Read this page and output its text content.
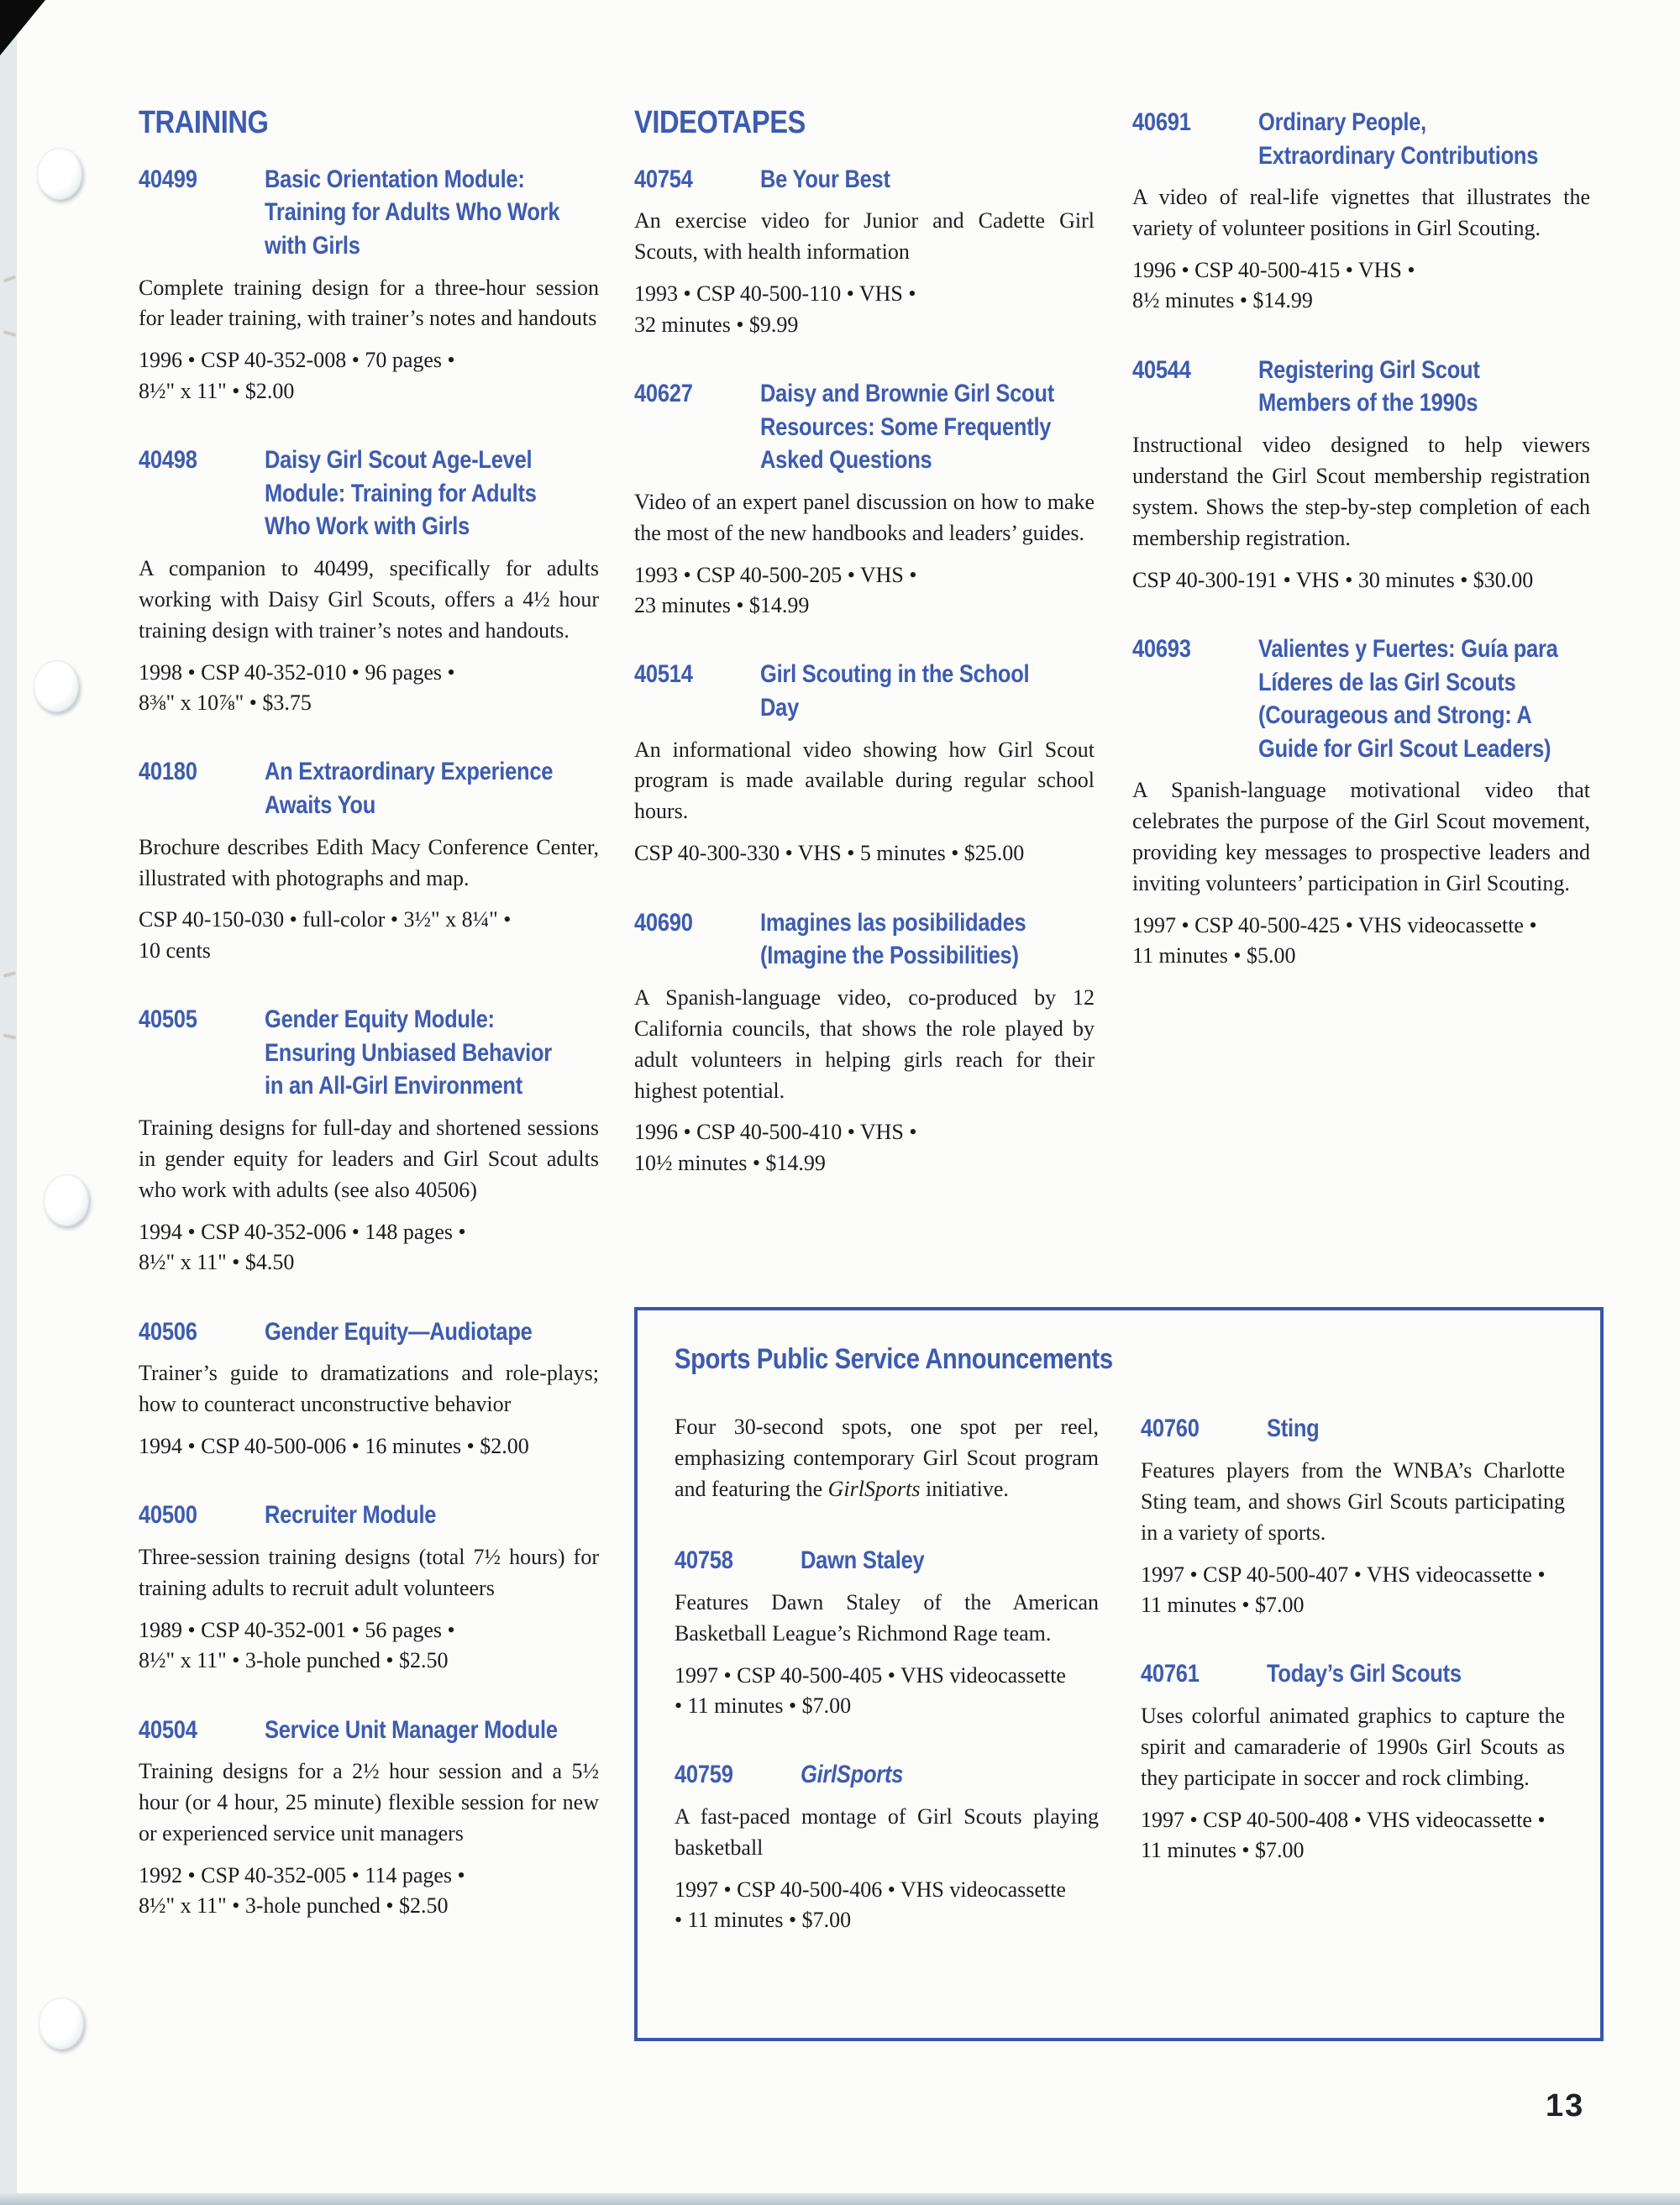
TRAINING
40499	Basic Orientation Module:
Training for Adults Who Work
with Girls

Complete training design for a three-hour session for leader training, with trainer’s notes and handouts

1996 • CSP 40-352-008 • 70 pages •
8½" x 11" • $2.00

40498	Daisy Girl Scout Age-Level
Module: Training for Adults
Who Work with Girls

A companion to 40499, specifically for adults working with Daisy Girl Scouts, offers a 4½ hour training design with trainer’s notes and handouts.

1998 • CSP 40-352-010 • 96 pages •
8⅜" x 10⅞" • $3.75

40180	An Extraordinary Experience
Awaits You

Brochure describes Edith Macy Conference Center, illustrated with photographs and map.

CSP 40-150-030 • full-color • 3½" x 8¼" •
10 cents

40505	Gender Equity Module:
Ensuring Unbiased Behavior
in an All-Girl Environment

Training designs for full-day and shortened sessions in gender equity for leaders and Girl Scout adults who work with adults (see also 40506)

1994 • CSP 40-352-006 • 148 pages •
8½" x 11" • $4.50

40506	Gender Equity—Audiotape

Trainer’s guide to dramatizations and role-plays; how to counteract unconstructive behavior

1994 • CSP 40-500-006 • 16 minutes • $2.00

40500	Recruiter Module

Three-session training designs (total 7½ hours) for training adults to recruit adult volunteers

1989 • CSP 40-352-001 • 56 pages •
8½" x 11" • 3-hole punched • $2.50

40504	Service Unit Manager Module

Training designs for a 2½ hour session and a 5½ hour (or 4 hour, 25 minute) flexible session for new or experienced service unit managers

1992 • CSP 40-352-005 • 114 pages •
8½" x 11" • 3-hole punched • $2.50

VIDEOTAPES
40754	Be Your Best

An exercise video for Junior and Cadette Girl Scouts, with health information

1993 • CSP 40-500-110 • VHS •
32 minutes • $9.99

40627	Daisy and Brownie Girl Scout
Resources: Some Frequently
Asked Questions

Video of an expert panel discussion on how to make the most of the new handbooks and leaders’ guides.

1993 • CSP 40-500-205 • VHS •
23 minutes • $14.99

40514	Girl Scouting in the School
Day

An informational video showing how Girl Scout program is made available during regular school hours.

CSP 40-300-330 • VHS • 5 minutes • $25.00

40690	Imagines las posibilidades
(Imagine the Possibilities)

A Spanish-language video, co-produced by 12 California councils, that shows the role played by adult volunteers in helping girls reach for their highest potential.

1996 • CSP 40-500-410 • VHS •
10½ minutes • $14.99

40691	Ordinary People,
Extraordinary Contributions

A video of real-life vignettes that illustrates the variety of volunteer positions in Girl Scouting.

1996 • CSP 40-500-415 • VHS •
8½ minutes • $14.99

40544	Registering Girl Scout
Members of the 1990s

Instructional video designed to help viewers understand the Girl Scout membership registration system. Shows the step-by-step completion of each membership registration.

CSP 40-300-191 • VHS • 30 minutes • $30.00

40693	Valientes y Fuertes: Guía para
Líderes de las Girl Scouts
(Courageous and Strong: A
Guide for Girl Scout Leaders)

A Spanish-language motivational video that celebrates the purpose of the Girl Scout movement, providing key messages to prospective leaders and inviting volunteers’ participation in Girl Scouting.

1997 • CSP 40-500-425 • VHS videocassette •
11 minutes • $5.00

Sports Public Service Announcements

Four 30-second spots, one spot per reel, emphasizing contemporary Girl Scout program and featuring the GirlSports initiative.

40758	Dawn Staley

Features Dawn Staley of the American Basketball League’s Richmond Rage team.

1997 • CSP 40-500-405 • VHS videocassette
• 11 minutes • $7.00

40759	GirlSports

A fast-paced montage of Girl Scouts playing basketball

1997 • CSP 40-500-406 • VHS videocassette
• 11 minutes • $7.00

40760	Sting

Features players from the WNBA’s Charlotte Sting team, and shows Girl Scouts participating in a variety of sports.

1997 • CSP 40-500-407 • VHS videocassette •
11 minutes • $7.00

40761	Today’s Girl Scouts

Uses colorful animated graphics to capture the spirit and camaraderie of 1990s Girl Scouts as they participate in soccer and rock climbing.

1997 • CSP 40-500-408 • VHS videocassette •
11 minutes • $7.00

13
